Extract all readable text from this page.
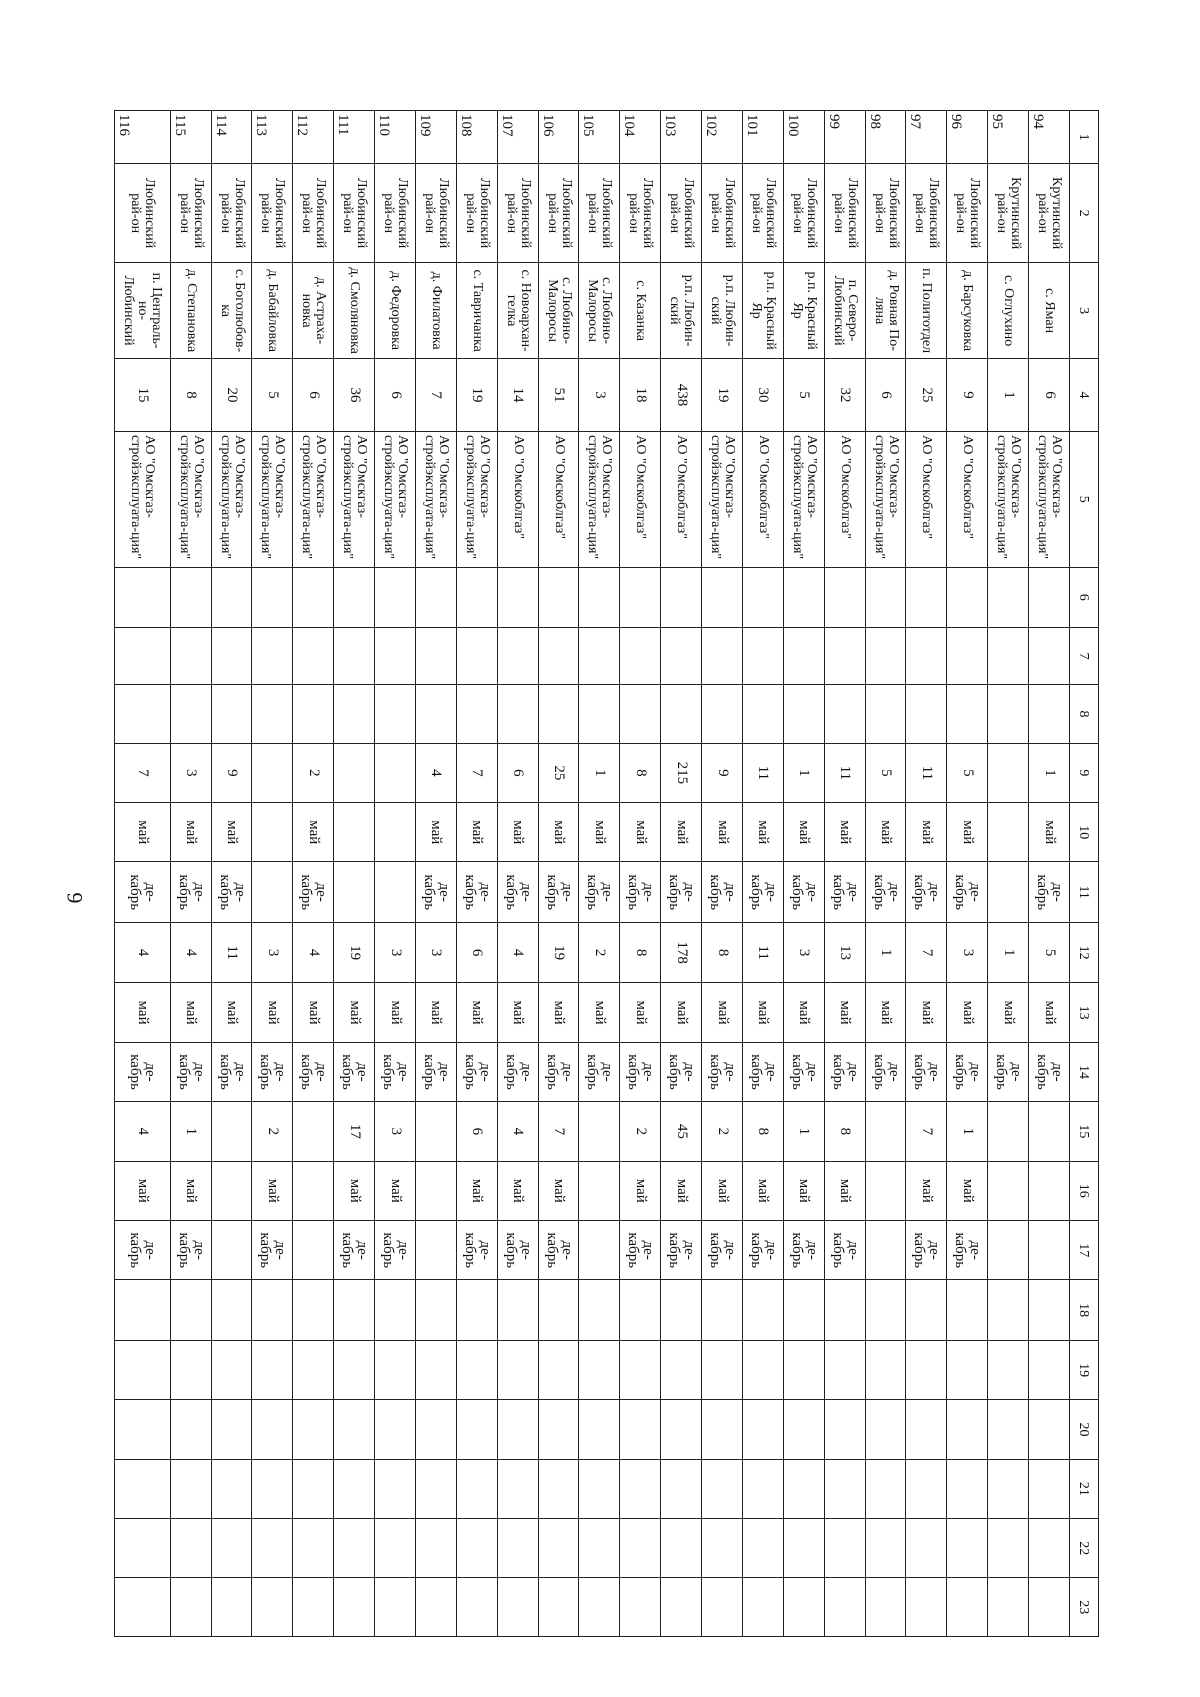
6
1	2	3	4	5	6	7	8	9	10	11	12	13	14	15	16	17	18	19	20	21	22	23
94	Крутинский рай-он	с. Яман	6	АО "Омскгаз-стройэксплуата-ция"				1	май	де-кабрь	5	май	де-кабрь									
95	Крутинский рай-он	с. Оглухино	1	АО "Омскгаз-стройэксплуата-ция"							1	май	де-кабрь									
96	Любинский рай-он	д. Барсуковка	9	АО "Омскоблгаз"				5	май	де-кабрь	3	май	де-кабрь	1	май	де-кабрь						
97	Любинский рай-он	п. Политотдел	25	АО "Омскоблгаз"				11	май	де-кабрь	7	май	де-кабрь	7	май	де-кабрь						
98	Любинский рай-он	д. Ровная По-ляна	6	АО "Омскгаз-стройэксплуата-ция"				5	май	де-кабрь	1	май	де-кабрь									
99	Любинский рай-он	п. Северо-Любинский	32	АО "Омскоблгаз"				11	май	де-кабрь	13	май	де-кабрь	8	май	де-кабрь						
100	Любинский рай-он	р.п. Красный Яр	5	АО "Омскгаз-стройэксплуата-ция"				1	май	де-кабрь	3	май	де-кабрь	1	май	де-кабрь						
101	Любинский рай-он	р.п. Красный Яр	30	АО "Омскоблгаз"				11	май	де-кабрь	11	май	де-кабрь	8	май	де-кабрь						
102	Любинский рай-он	р.п. Любин-ский	19	АО "Омскгаз-стройэксплуата-ция"				9	май	де-кабрь	8	май	де-кабрь	2	май	де-кабрь						
103	Любинский рай-он	р.п. Любин-ский	438	АО "Омскоблгаз"				215	май	де-кабрь	178	май	де-кабрь	45	май	де-кабрь						
104	Любинский рай-он	с. Казанка	18	АО "Омскоблгаз"				8	май	де-кабрь	8	май	де-кабрь	2	май	де-кабрь						
105	Любинский рай-он	с. Любино-Малоросы	3	АО "Омскгаз-стройэксплуата-ция"				1	май	де-кабрь	2	май	де-кабрь									
106	Любинский рай-он	с. Любино-Малоросы	51	АО "Омскоблгаз"				25	май	де-кабрь	19	май	де-кабрь	7	май	де-кабрь						
107	Любинский рай-он	с. Новоархан-гелка	14	АО "Омскоблгаз"				6	май	де-кабрь	4	май	де-кабрь	4	май	де-кабрь						
108	Любинский рай-он	с. Тавричанка	19	АО "Омскгаз-стройэксплуата-ция"				7	май	де-кабрь	6	май	де-кабрь	6	май	де-кабрь						
109	Любинский рай-он	д. Филатовка	7	АО "Омскгаз-стройэксплуата-ция"				4	май	де-кабрь	3	май	де-кабрь									
110	Любинский рай-он	д. Федоровка	6	АО "Омскгаз-стройэксплуата-ция"							3	май	де-кабрь	3	май	де-кабрь						
111	Любинский рай-он	д. Смоляновка	36	АО "Омскгаз-стройэксплуата-ция"							19	май	де-кабрь	17	май	де-кабрь						
112	Любинский рай-он	д. Астраха-новка	6	АО "Омскгаз-стройэксплуата-ция"				2	май	де-кабрь	4	май	де-кабрь									
113	Любинский рай-он	д. Бабайловка	5	АО "Омскгаз-стройэксплуата-ция"							3	май	де-кабрь	2	май	де-кабрь						
114	Любинский рай-он	с. Боголюбов-ка	20	АО "Омскгаз-стройэксплуата-ция"				9	май	де-кабрь	11	май	де-кабрь									
115	Любинский рай-он	д. Степановка	8	АО "Омскгаз-стройэксплуата-ция"				3	май	де-кабрь	4	май	де-кабрь	1	май	де-кабрь						
116	Любинский рай-он	п. Централь-но-Любинский	15	АО "Омскгаз-стройэксплуата-ция"				7	май	де-кабрь	4	май	де-кабрь	4	май	де-кабрь						
